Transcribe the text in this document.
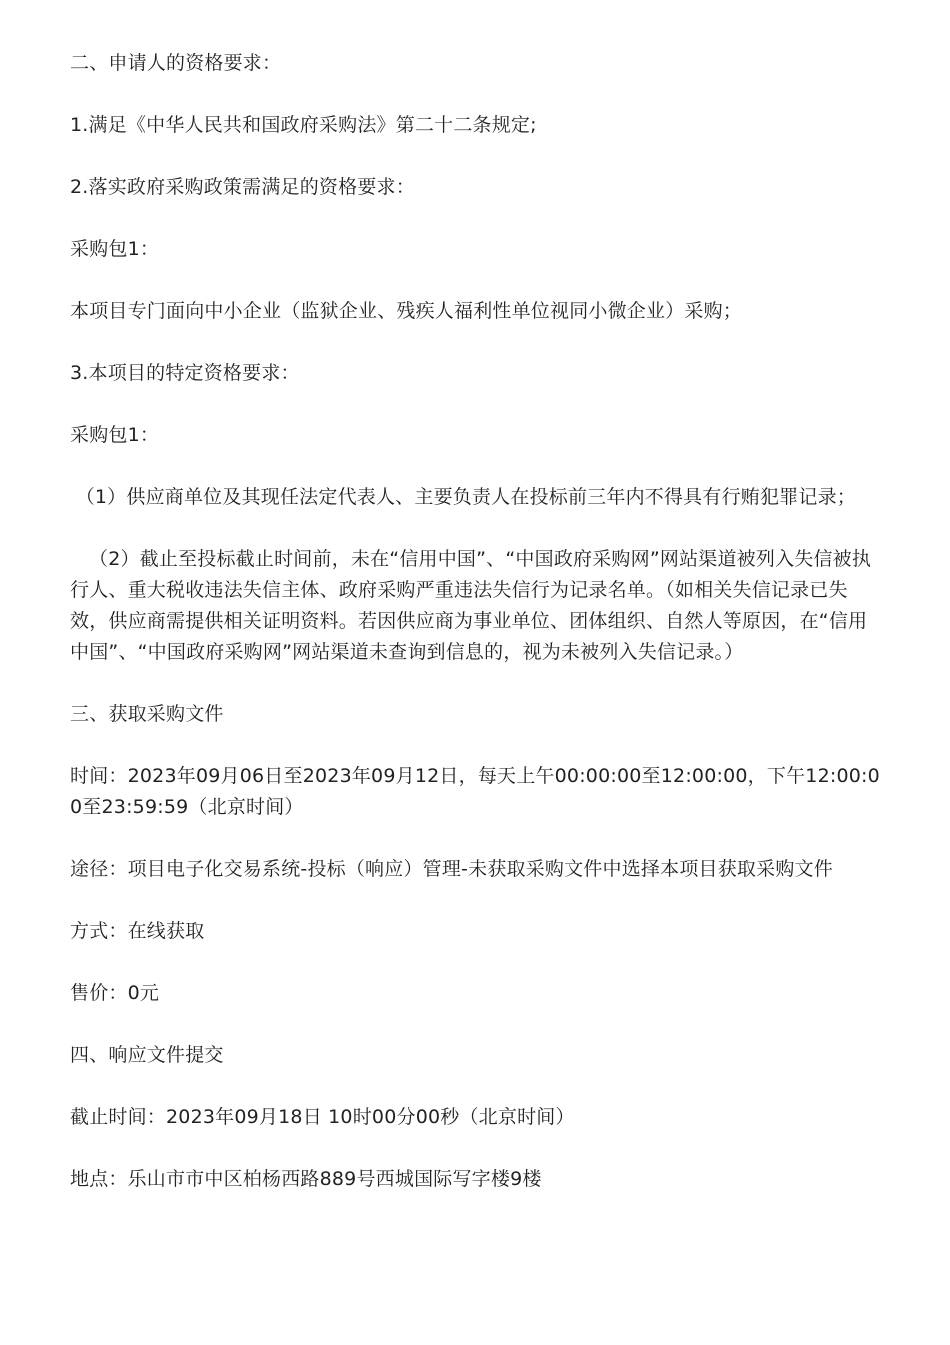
二、申请人的资格要求：

1.满足《中华人民共和国政府采购法》第二十二条规定;

2.落实政府采购政策需满足的资格要求：

采购包1：

本项目专门面向中小企业（监狱企业、残疾人福利性单位视同小微企业）采购；

3.本项目的特定资格要求：

采购包1：

（1）供应商单位及其现任法定代表人、主要负责人在投标前三年内不得具有行贿犯罪记录；

（2）截止至投标截止时间前，未在“信用中国”、“中国政府采购网”网站渠道被列入失信被执行人、重大税收违法失信主体、政府采购严重违法失信行为记录名单。（如相关失信记录已失效，供应商需提供相关证明资料。若因供应商为事业单位、团体组织、自然人等原因，在“信用中国”、“中国政府采购网”网站渠道未查询到信息的，视为未被列入失信记录。）

三、获取采购文件

时间：2023年09月06日至2023年09月12日，每天上午00:00:00至12:00:00，下午12:00:00至23:59:59（北京时间）

途径：项目电子化交易系统-投标（响应）管理-未获取采购文件中选择本项目获取采购文件

方式：在线获取

售价：0元

四、响应文件提交

截止时间：2023年09月18日 10时00分00秒（北京时间）

地点：乐山市市中区柏杨西路889号西城国际写字楼9楼
